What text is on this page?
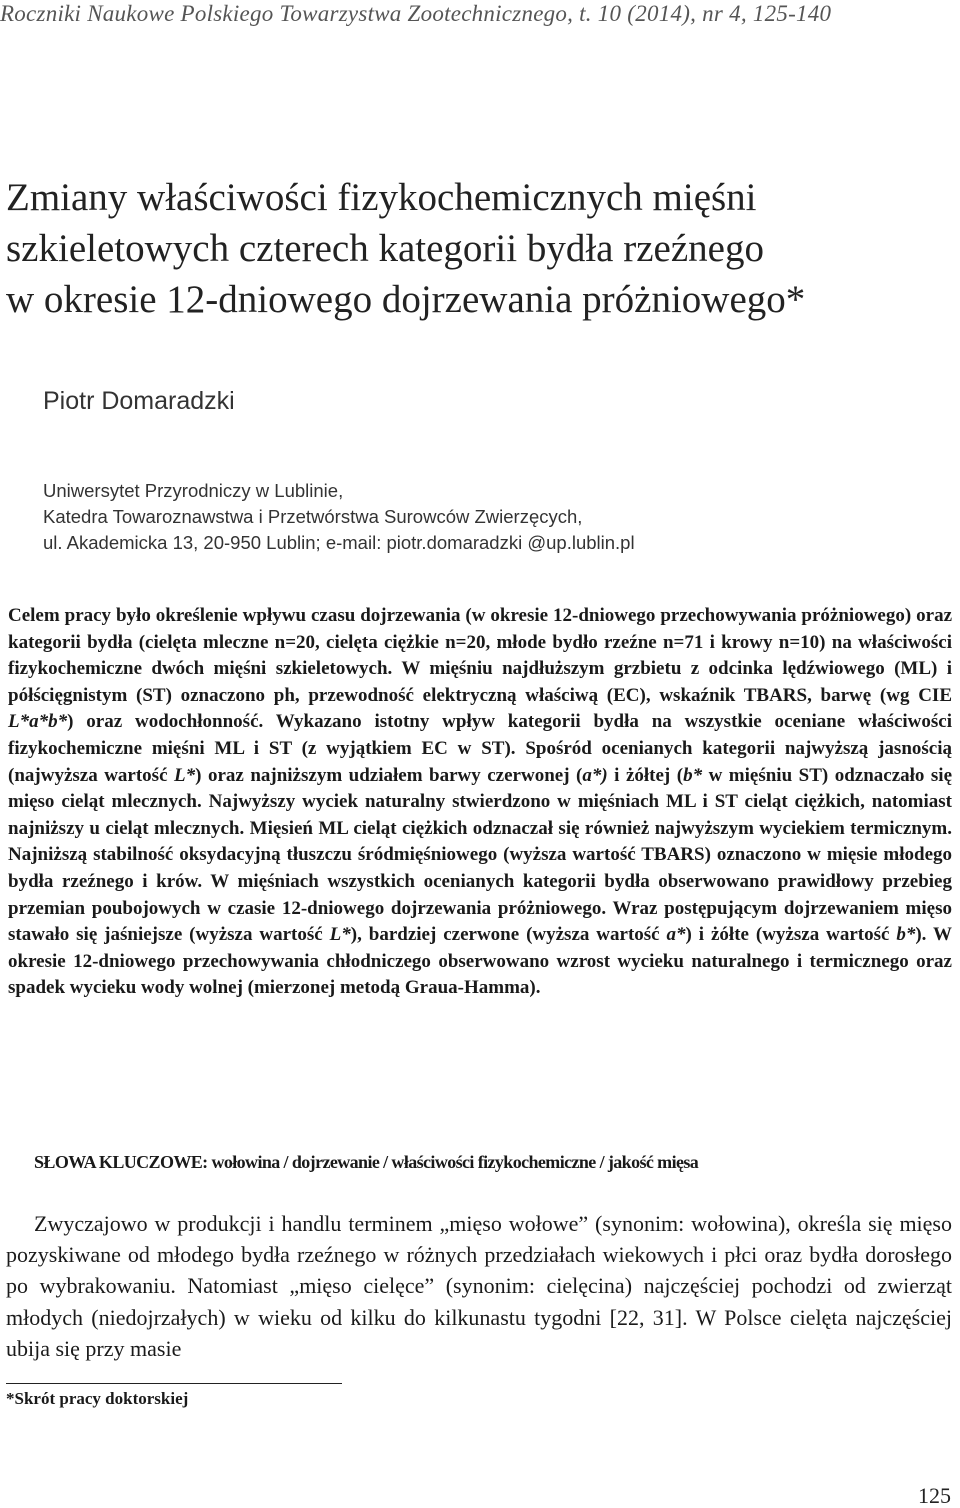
Roczniki Naukowe Polskiego Towarzystwa Zootechnicznego, t. 10 (2014), nr 4, 125-140

Zmiany właściwości fizykochemicznych mięśni
szkieletowych czterech kategorii bydła rzeźnego
w okresie 12-dniowego dojrzewania próżniowego*

Piotr Domaradzki

Uniwersytet Przyrodniczy w Lublinie,
Katedra Towaroznawstwa i Przetwórstwa Surowców Zwierzęcych,
ul. Akademicka 13, 20-950 Lublin; e-mail: piotr.domaradzki @up.lublin.pl

Celem pracy było określenie wpływu czasu dojrzewania (w okresie 12-dniowego przechowywania próżniowego) oraz kategorii bydła (cielęta mleczne n=20, cielęta ciężkie n=20, młode bydło rzeźne n=71 i krowy n=10) na właściwości fizykochemiczne dwóch mięśni szkieletowych. W mięśniu najdłuższym grzbietu z odcinka lędźwiowego (ML) i półścięgnistym (ST) oznaczono ph, przewodność elektryczną właściwą (EC), wskaźnik TBARS, barwę (wg CIE L*a*b*) oraz wodochłonność. Wykazano istotny wpływ kategorii bydła na wszystkie oceniane właściwości fizykochemiczne mięśni ML i ST (z wyjątkiem EC w ST). Spośród ocenianych kategorii najwyższą jasnością (najwyższa wartość L*) oraz najniższym udziałem barwy czerwonej (a*) i żółtej (b* w mięśniu ST) odznaczało się mięso cieląt mlecznych. Najwyższy wyciek naturalny stwierdzono w mięśniach ML i ST cieląt ciężkich, natomiast najniższy u cieląt mlecznych. Mięsień ML cieląt ciężkich odznaczał się również najwyższym wyciekiem termicznym. Najniższą stabilność oksydacyjną tłuszczu śródmięśniowego (wyższa wartość TBARS) oznaczono w mięsie młodego bydła rzeźnego i krów. W mięśniach wszystkich ocenianych kategorii bydła obserwowano prawidłowy przebieg przemian poubojowych w czasie 12-dniowego dojrzewania próżniowego. Wraz postępującym dojrzewaniem mięso stawało się jaśniejsze (wyższa wartość L*), bardziej czerwone (wyższa wartość a*) i żółte (wyższa wartość b*). W okresie 12-dniowego przechowywania chłodniczego obserwowano wzrost wycieku naturalnego i termicznego oraz spadek wycieku wody wolnej (mierzonej metodą Graua-Hamma).

SŁOWA KLUCZOWE: wołowina / dojrzewanie / właściwości fizykochemiczne / jakość mięsa

Zwyczajowo w produkcji i handlu terminem „mięso wołowe” (synonim: wołowina), określa się mięso pozyskiwane od młodego bydła rzeźnego w różnych przedziałach wiekowych i płci oraz bydła dorosłego po wybrakowaniu. Natomiast „mięso cielęce” (synonim: cielęcina) najczęściej pochodzi od zwierząt młodych (niedojrzałych) w wieku od kilku do kilkunastu tygodni [22, 31]. W Polsce cielęta najczęściej ubija się przy masie

*Skrót pracy doktorskiej

125
